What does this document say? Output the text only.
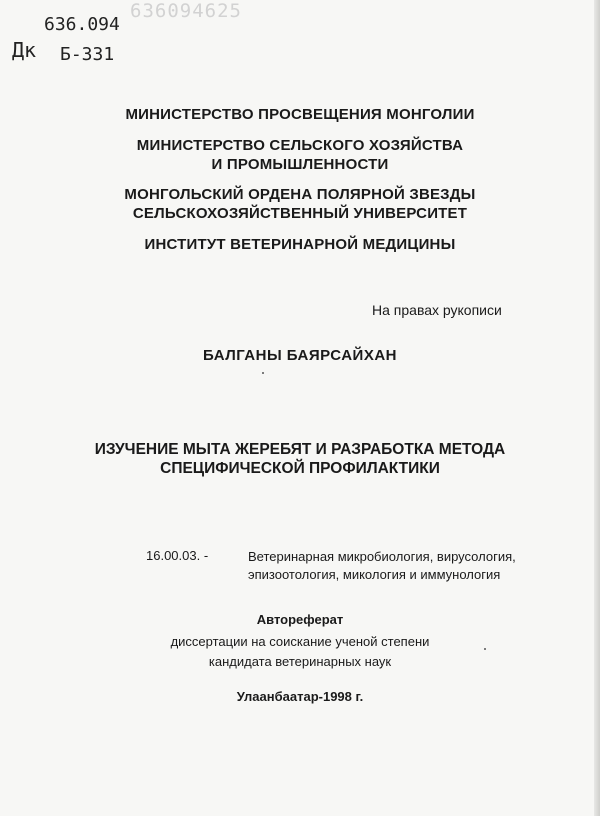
636094625
636.094
Дк Б-331
МИНИСТЕРСТВО ПРОСВЕЩЕНИЯ МОНГОЛИИ
МИНИСТЕРСТВО СЕЛЬСКОГО ХОЗЯЙСТВА
И ПРОМЫШЛЕННОСТИ
МОНГОЛЬСКИЙ ОРДЕНА ПОЛЯРНОЙ ЗВЕЗДЫ
СЕЛЬСКОХОЗЯЙСТВЕННЫЙ УНИВЕРСИТЕТ
ИНСТИТУТ ВЕТЕРИНАРНОЙ МЕДИЦИНЫ
На правах рукописи
БАЛГАНЫ БАЯРСАЙХАН
ИЗУЧЕНИЕ МЫТА ЖЕРЕБЯТ И РАЗРАБОТКА МЕТОДА
СПЕЦИФИЧЕСКОЙ ПРОФИЛАКТИКИ
16.00.03. -	Ветеринарная микробиология, вирусология,
эпизоотология, микология и иммунология
Автореферат
диссертации на соискание ученой степени
кандидата ветеринарных наук
Улаанбаатар-1998 г.
